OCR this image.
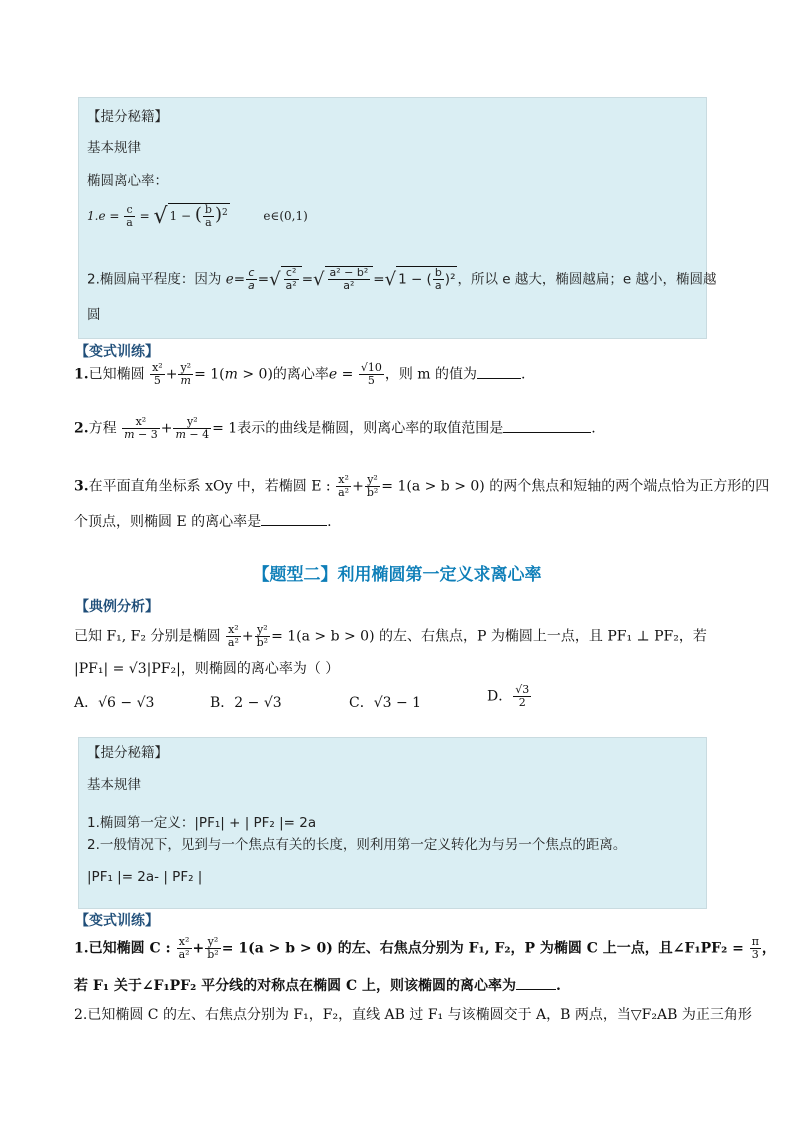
【提分秘籍】
基本规律
椭圆离心率：
$1.e = \frac{c}{a}$ = √ 1 − ( $\frac{b}{a} )^2$	e∈(0,1)
2.椭圆扁平程度：因为 $e= \frac{c}{a}$ =√ $\frac{\text{c²}}{\text{a²}}$ =√ $\frac{\text{a² − b²}}{\text{a²}}$ =√ 1 − ( $\frac{b}{a} )^2$ ，所以 e 越大，椭圆越扁；e 越小，椭圆越
圆
【变式训练】
1.已知椭圆 $\frac{\text{x²}}{5} + \frac{\text{y²}}{m} = 1(m > 0)$的离心率$e = \frac{√10}{5}$ ，则 m 的值为	.
2.方程 $\frac{\text{x²}}{m - 3} + \frac{\text{y²}}{m - 4} = 1$表示的曲线是椭圆，则离心率的取值范围是	.
3.在平面直角坐标系 xOy 中，若椭圆 E : $\frac{\text{x²}}{\text{a²}} + \frac{\text{y²}}{\text{b²}} = 1(a > b > 0)$ 的两个焦点和短轴的两个端点恰为正方形的四
个顶点，则椭圆 E 的离心率是	.
【题型二】利用椭圆第一定义求离心率
【典例分析】
已知 F₁, F₂ 分别是椭圆 $\frac{\text{x²}}{\text{a²}} + \frac{\text{y²}}{\text{b²}} = 1(a > b > 0)$ 的左、右焦点，P 为椭圆上一点，且 PF₁ ⊥ PF₂，若
|PF₁| = √3|PF₂|，则椭圆的离心率为（ ）
A．√6 − √3	B．2 − √3	C．√3 − 1	D． $\frac{√3}{2}$
【提分秘籍】
基本规律
1.椭圆第一定义：|PF₁| + | PF₂ |= 2a
2.一般情况下，见到与一个焦点有关的长度，则利用第一定义转化为与另一个焦点的距离。
|PF₁ |= 2a- | PF₂ |
【变式训练】
1.已知椭圆 C : $\frac{\text{x²}}{\text{a²}} + \frac{\text{y²}}{\text{b²}} = 1(a > b > 0)$ 的左、右焦点分别为 F₁, F₂，P 为椭圆 C 上一点，且∠F₁PF₂ = $\frac{\pi}{3}$ ，
若 F₁ 关于∠F₁PF₂ 平分线的对称点在椭圆 C 上，则该椭圆的离心率为	.
2.已知椭圆 C 的左、右焦点分别为 F₁，F₂，直线 AB 过 F₁ 与该椭圆交于 A，B 两点，当▽F₂AB 为正三角形
